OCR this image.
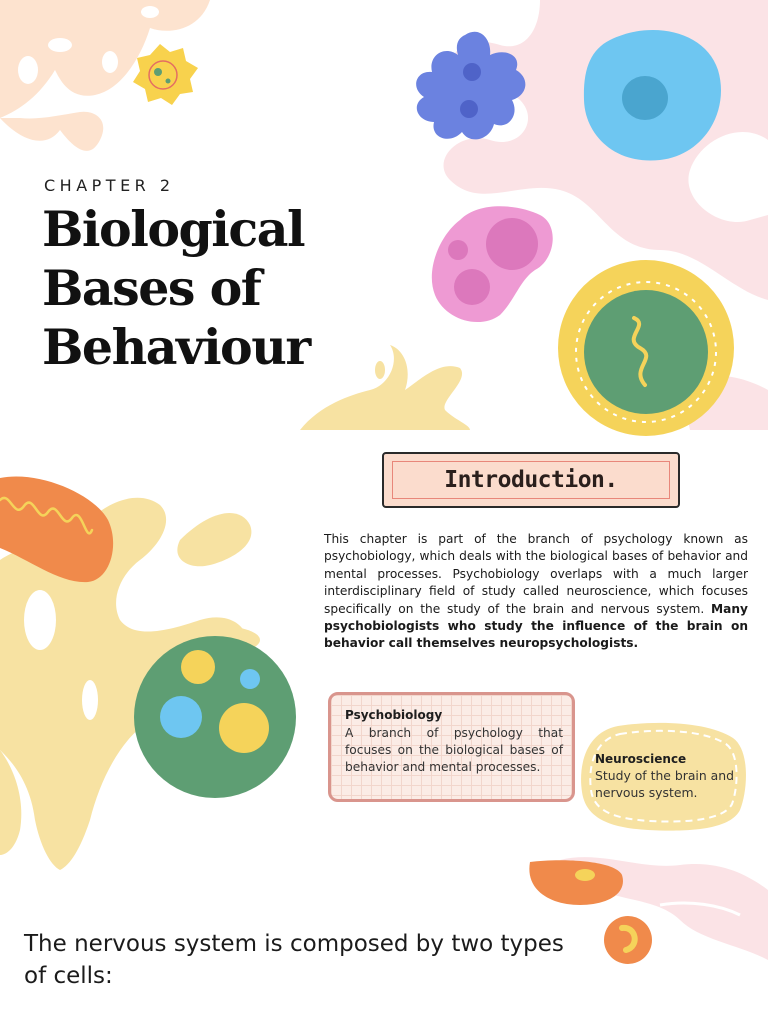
CHAPTER 2
Biological
Bases of
Behaviour
Introduction.
This chapter is part of the branch of psychology known as psychobiology, which deals with the biological bases of behavior and mental processes. Psychobiology overlaps with a much larger interdisciplinary field of study called neuroscience, which focuses specifically on the study of the brain and nervous system. Many psychobiologists who study the influence of the brain on behavior call themselves neuropsychologists.
Psychobiology
A branch of psychology that focuses on the biological bases of behavior and mental processes.
Neuroscience
Study of the brain and nervous system.
The nervous system is composed by two types of cells:
